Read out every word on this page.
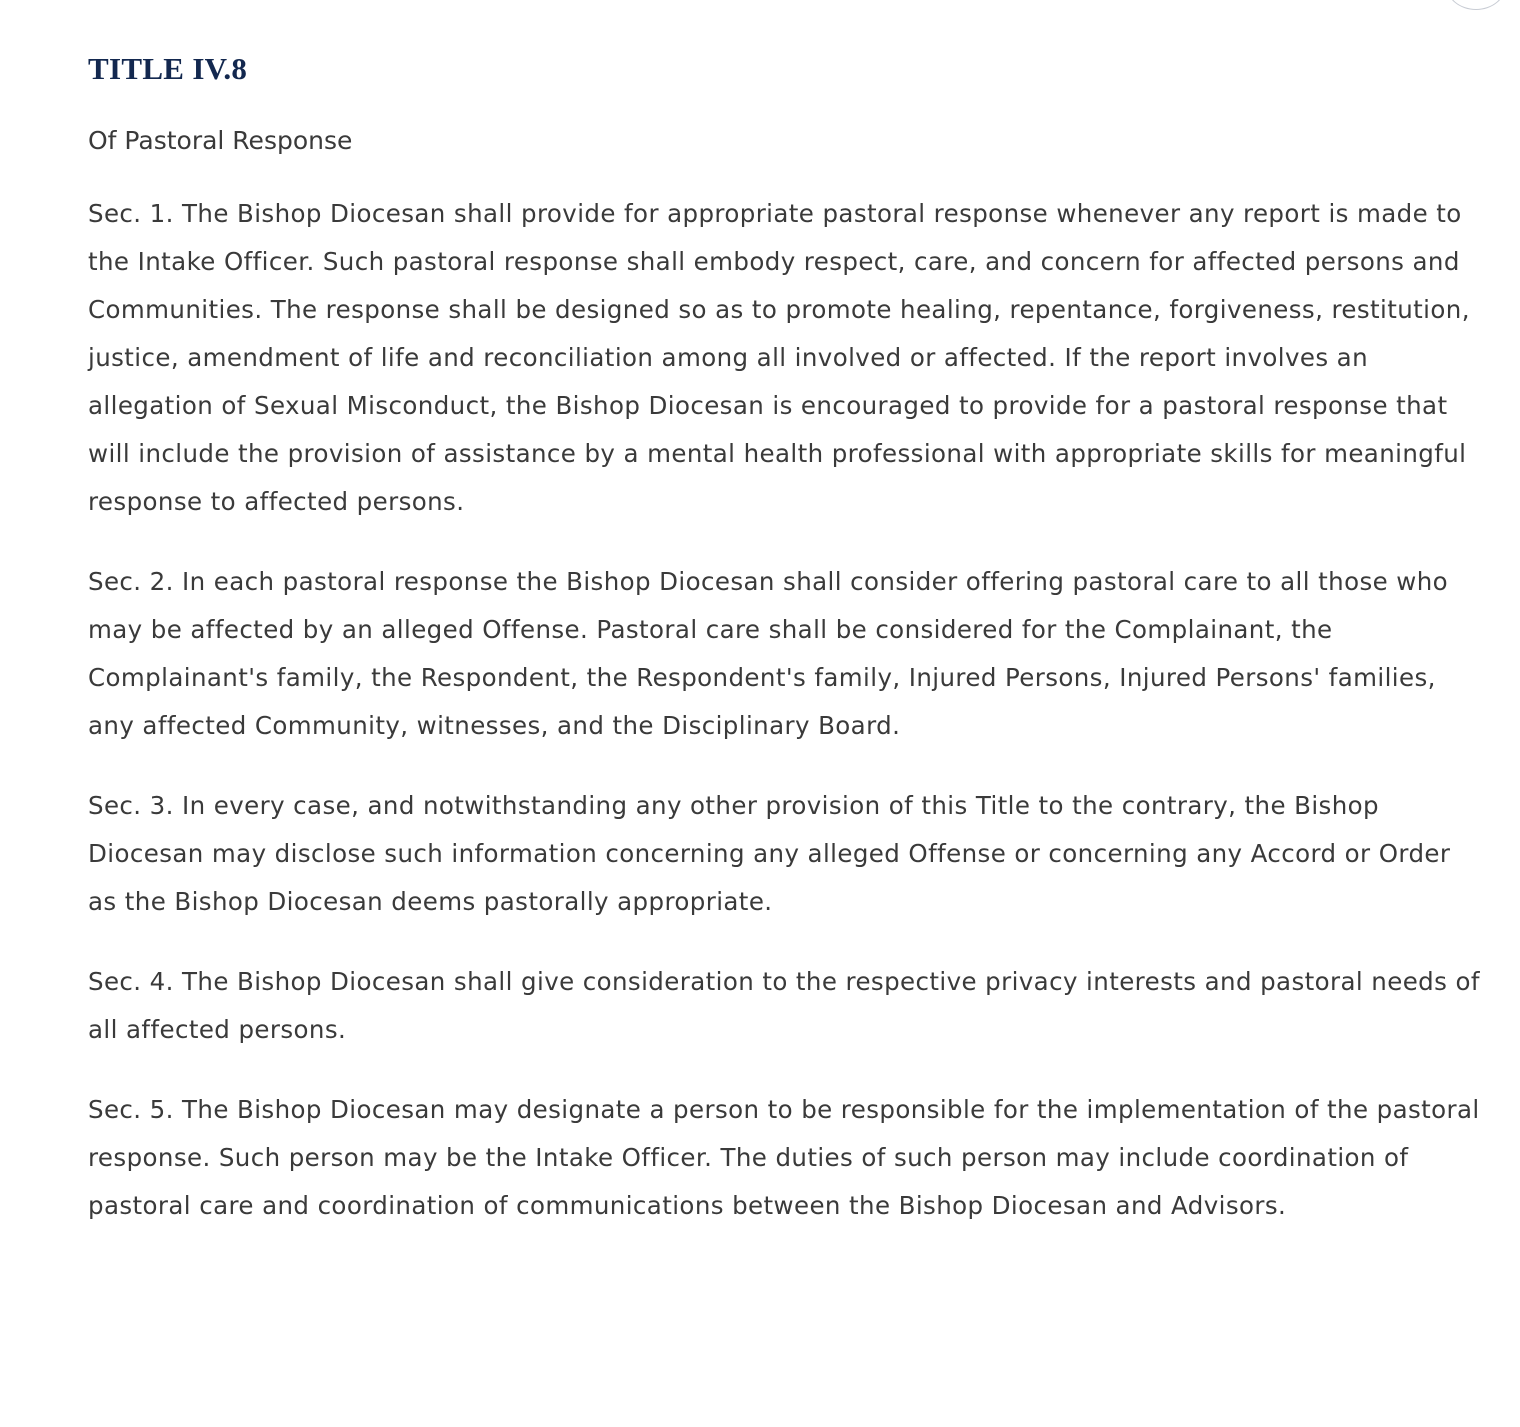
TITLE IV.8

Of Pastoral Response

Sec. 1. The Bishop Diocesan shall provide for appropriate pastoral response whenever any report is made to the Intake Officer. Such pastoral response shall embody respect, care, and concern for affected persons and Communities. The response shall be designed so as to promote healing, repentance, forgiveness, restitution, justice, amendment of life and reconciliation among all involved or affected. If the report involves an allegation of Sexual Misconduct, the Bishop Diocesan is encouraged to provide for a pastoral response that will include the provision of assistance by a mental health professional with appropriate skills for meaningful response to affected persons.

Sec. 2. In each pastoral response the Bishop Diocesan shall consider offering pastoral care to all those who may be affected by an alleged Offense. Pastoral care shall be considered for the Complainant, the Complainant's family, the Respondent, the Respondent's family, Injured Persons, Injured Persons' families, any affected Community, witnesses, and the Disciplinary Board.

Sec. 3. In every case, and notwithstanding any other provision of this Title to the contrary, the Bishop Diocesan may disclose such information concerning any alleged Offense or concerning any Accord or Order as the Bishop Diocesan deems pastorally appropriate.

Sec. 4. The Bishop Diocesan shall give consideration to the respective privacy interests and pastoral needs of all affected persons.

Sec. 5. The Bishop Diocesan may designate a person to be responsible for the implementation of the pastoral response. Such person may be the Intake Officer. The duties of such person may include coordination of pastoral care and coordination of communications between the Bishop Diocesan and Advisors.
